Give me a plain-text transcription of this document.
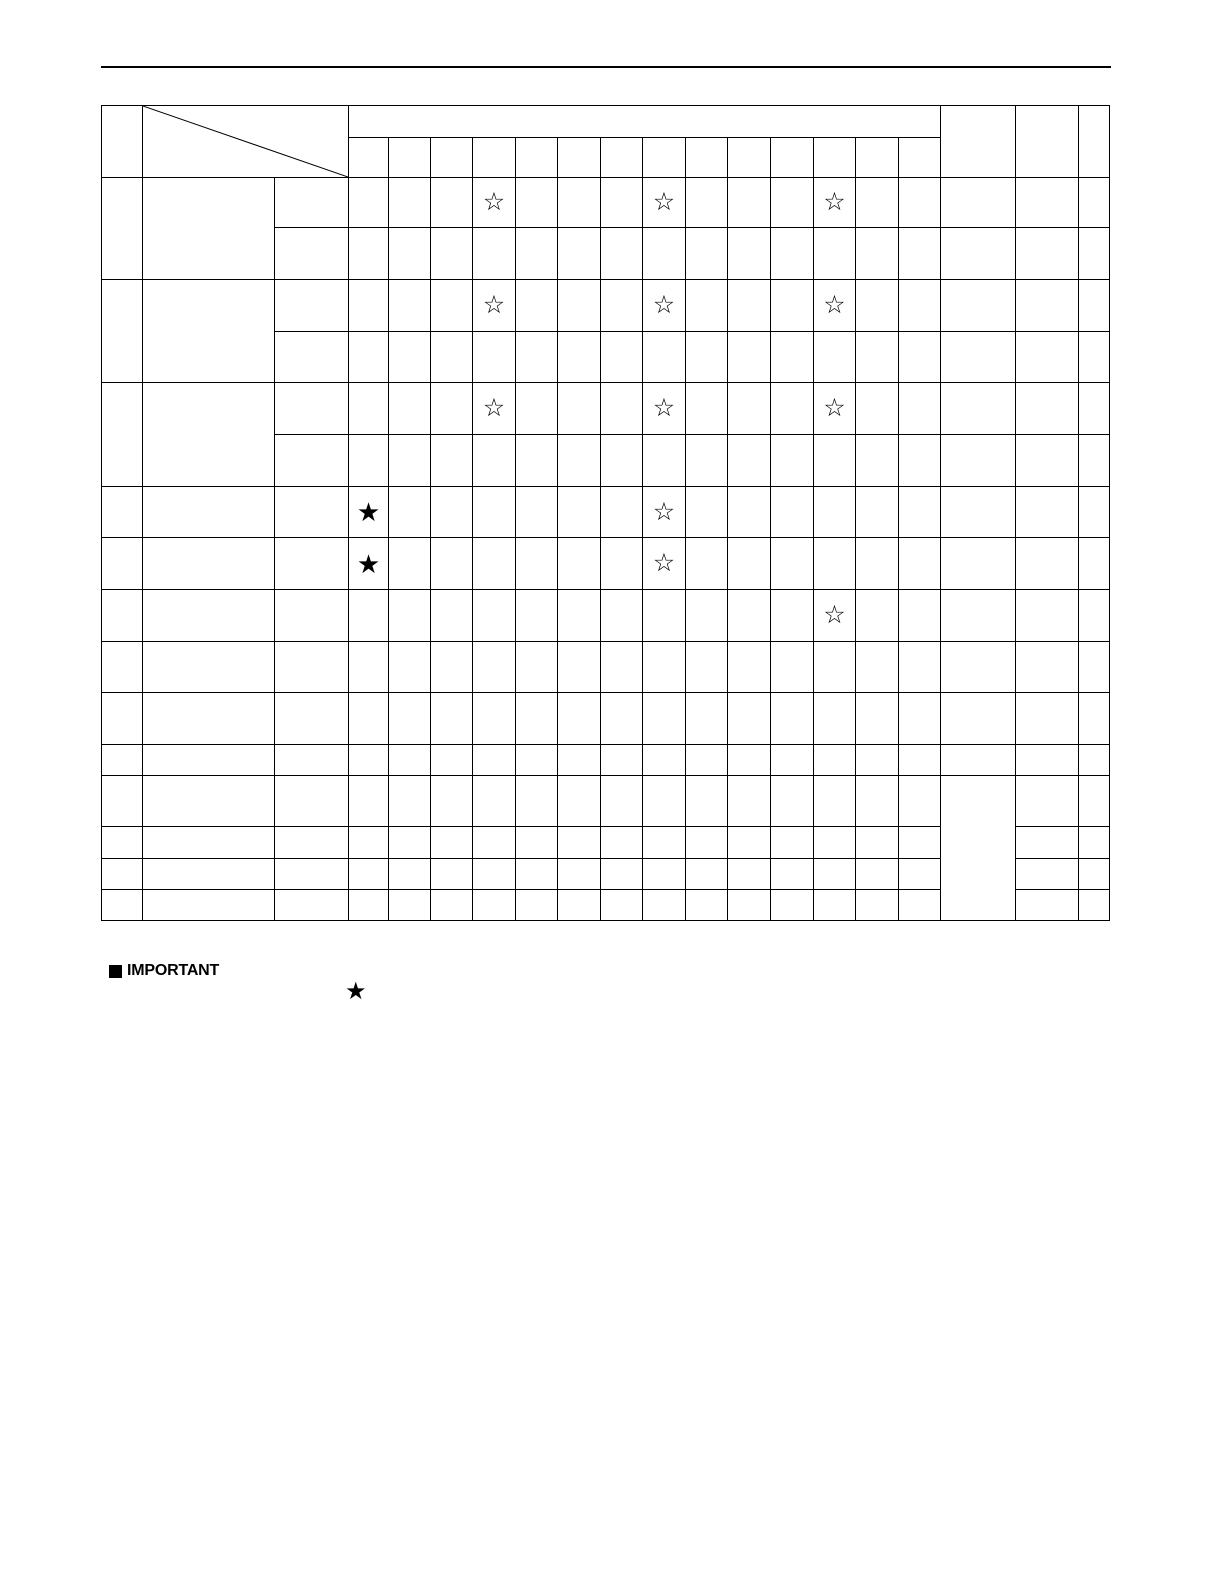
						☆				☆				☆					

						☆				☆				☆					

						☆				☆				☆					

			★							☆									
			★							☆									
														☆					

IMPORTANT
★
